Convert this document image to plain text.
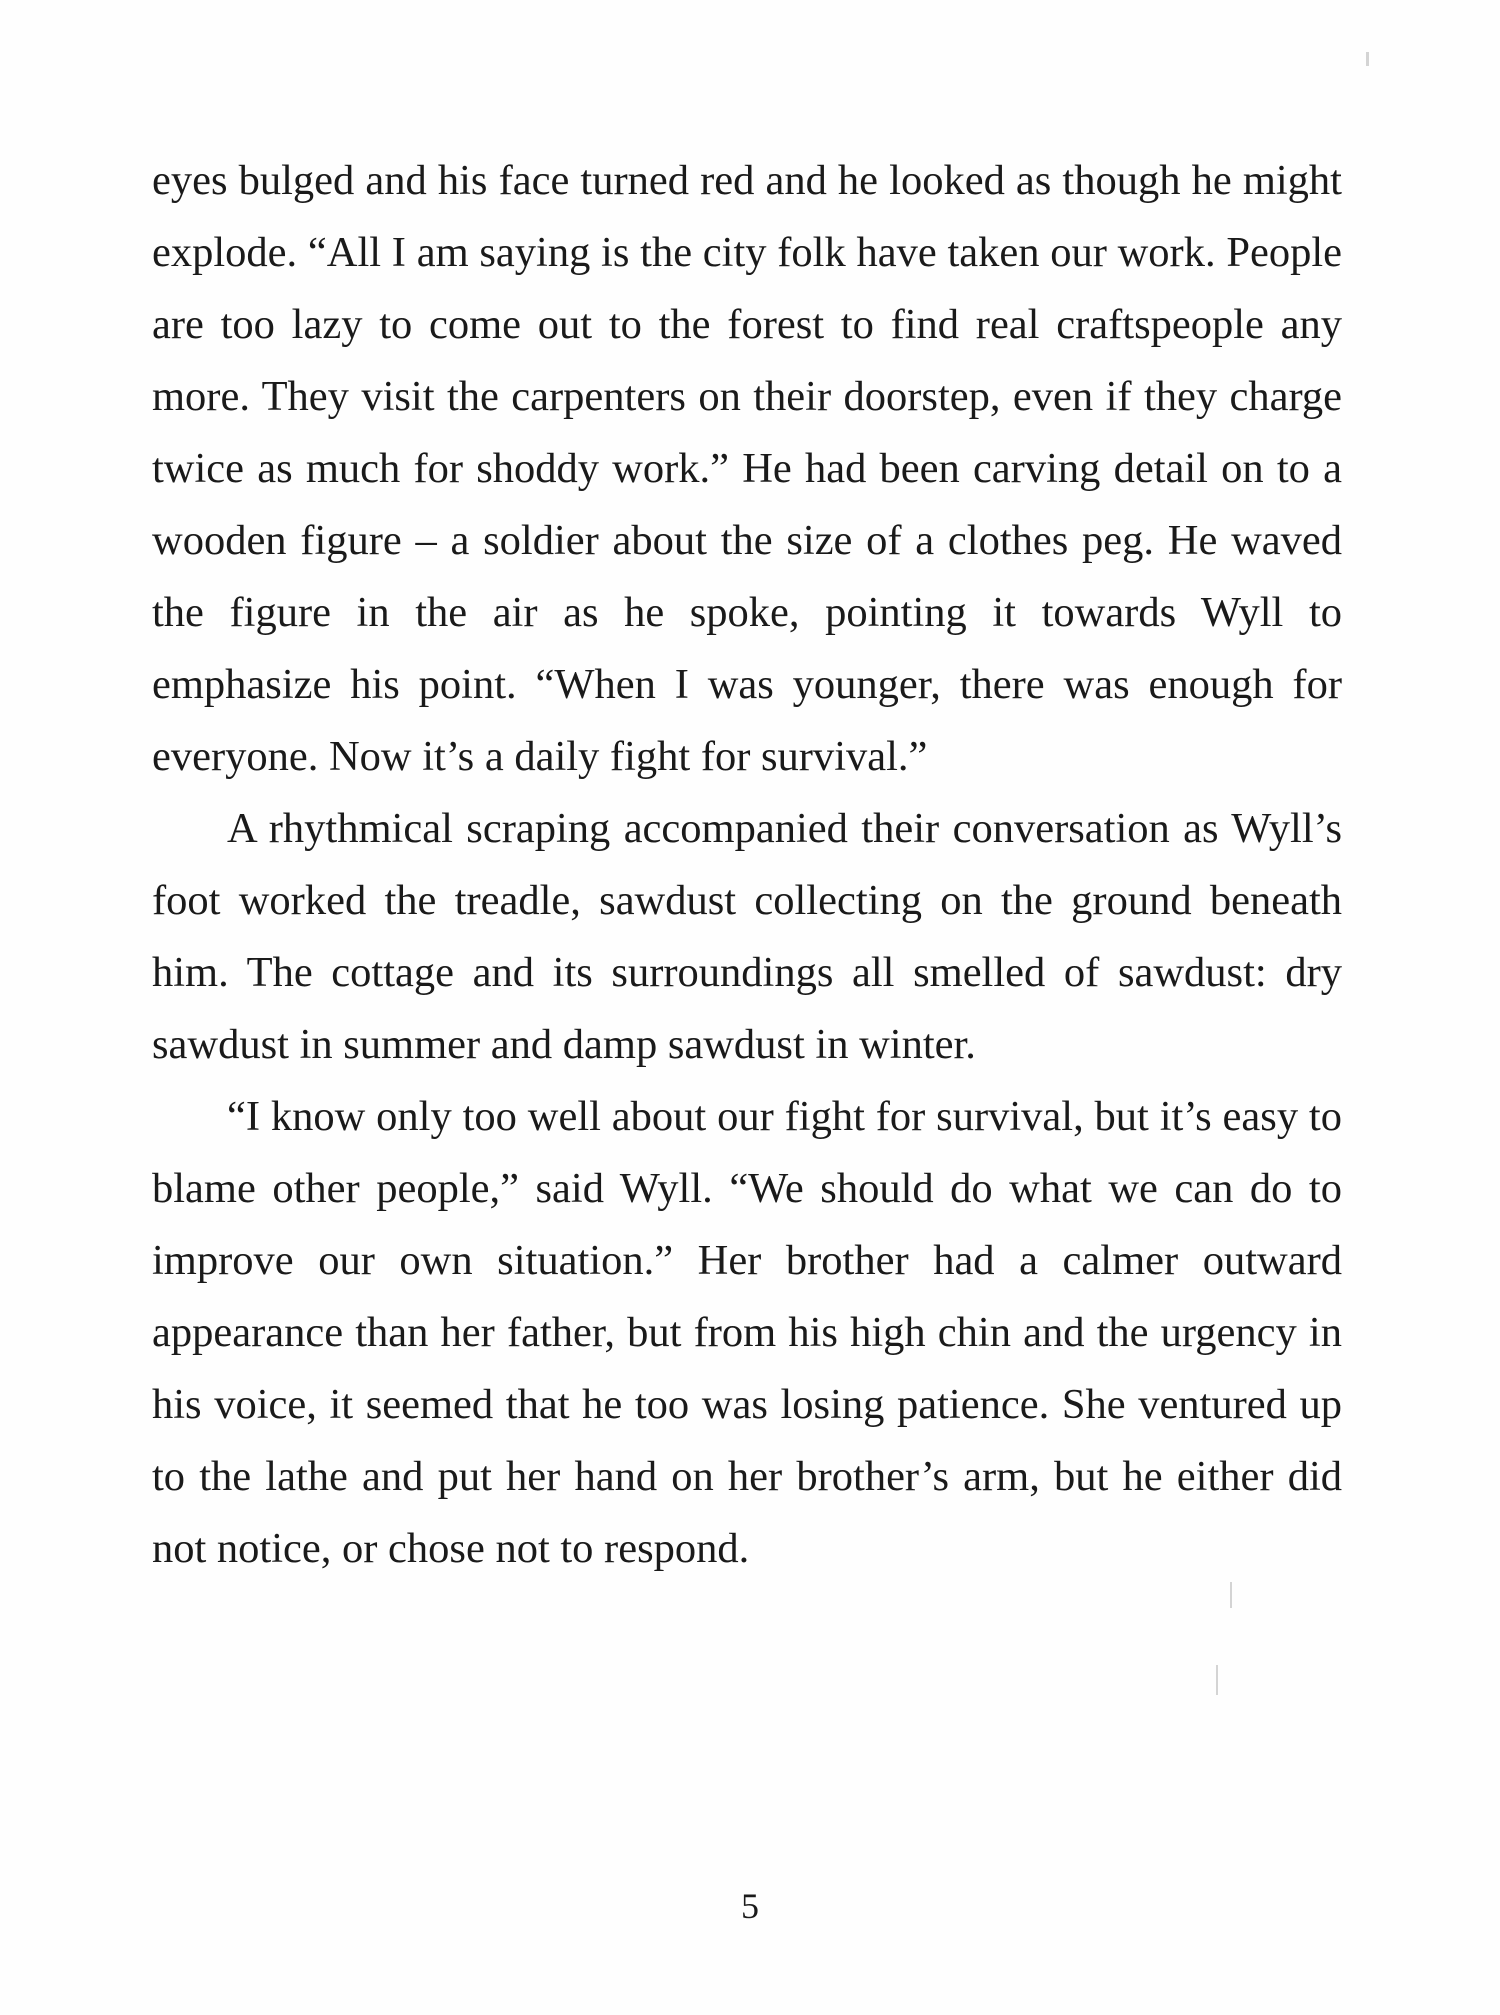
eyes bulged and his face turned red and he looked as though he might explode. “All I am saying is the city folk have taken our work. People are too lazy to come out to the forest to find real craftspeople any more. They visit the carpenters on their doorstep, even if they charge twice as much for shoddy work.” He had been carving detail on to a wooden figure – a soldier about the size of a clothes peg. He waved the figure in the air as he spoke, pointing it towards Wyll to emphasize his point. “When I was younger, there was enough for everyone. Now it’s a daily fight for survival.”

A rhythmical scraping accompanied their conversation as Wyll’s foot worked the treadle, sawdust collecting on the ground beneath him. The cottage and its surroundings all smelled of sawdust: dry sawdust in summer and damp sawdust in winter.

“I know only too well about our fight for survival, but it’s easy to blame other people,” said Wyll. “We should do what we can do to improve our own situation.” Her brother had a calmer outward appearance than her father, but from his high chin and the urgency in his voice, it seemed that he too was losing patience. She ventured up to the lathe and put her hand on her brother’s arm, but he either did not notice, or chose not to respond.

5
